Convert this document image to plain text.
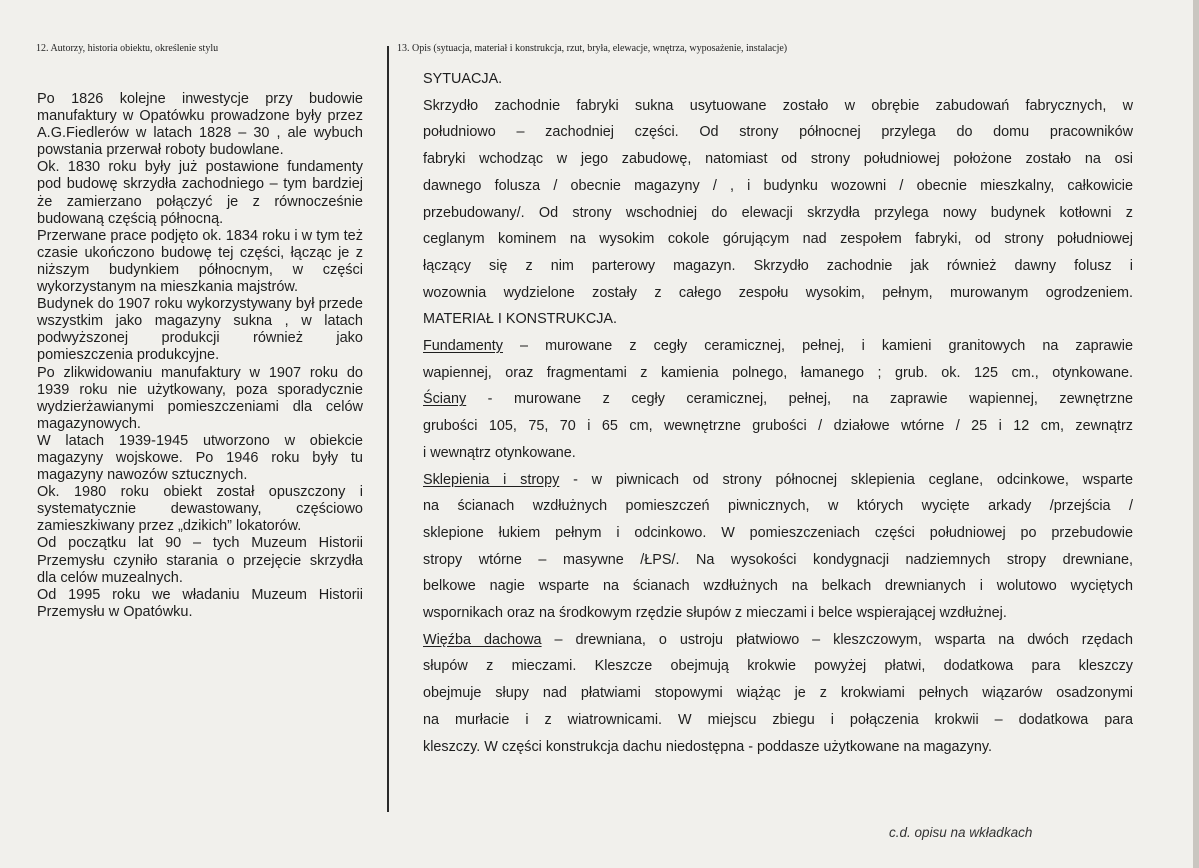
12. Autorzy, historia obiektu, określenie stylu	13. Opis (sytuacja, materiał i konstrukcja, rzut, bryła, elewacje, wnętrza, wyposażenie, instalacje)

Po 1826 kolejne inwestycje przy budowie manufaktury w Opatówku prowadzone były przez A.G.Fiedlerów w latach 1828 – 30 , ale wybuch powstania przerwał roboty budowlane.

Ok. 1830 roku były już postawione fundamenty pod budowę skrzydła zachodniego – tym bardziej że zamierzano połączyć je z równocześnie budowaną częścią północną.

Przerwane prace podjęto ok. 1834 roku i w tym też czasie ukończono budowę tej części, łącząc je z niższym budynkiem północnym, w części wykorzystanym na mieszkania majstrów.

Budynek do 1907 roku wykorzystywany był przede wszystkim jako magazyny sukna , w latach podwyższonej produkcji również jako pomieszczenia produkcyjne.

Po zlikwidowaniu manufaktury w 1907 roku do 1939 roku nie użytkowany, poza sporadycznie wydzierżawianymi pomieszczeniami dla celów magazynowych.

W latach 1939-1945 utworzono w obiekcie magazyny wojskowe. Po 1946 roku były tu magazyny nawozów sztucznych.

Ok. 1980 roku obiekt został opuszczony i systematycznie dewastowany, częściowo zamieszkiwany przez „dzikich” lokatorów.

Od początku lat 90 – tych Muzeum Historii Przemysłu czyniło starania o przejęcie skrzydła dla celów muzealnych.

Od 1995 roku we władaniu Muzeum Historii Przemysłu w Opatówku.

SYTUACJA.
Skrzydło zachodnie fabryki sukna usytuowane zostało w obrębie zabudowań fabrycznych, w
południowo – zachodniej części. Od strony północnej przylega do domu pracowników
fabryki wchodząc w jego zabudowę, natomiast od strony południowej położone zostało na osi
dawnego folusza / obecnie magazyny / , i budynku wozowni / obecnie mieszkalny, całkowicie
przebudowany/. Od strony wschodniej do elewacji skrzydła przylega nowy budynek kotłowni z
ceglanym kominem na wysokim cokole górującym nad zespołem fabryki, od strony południowej
łączący się z nim parterowy magazyn. Skrzydło zachodnie jak również dawny folusz i
wozownia wydzielone zostały z całego zespołu wysokim, pełnym, murowanym ogrodzeniem.
MATERIAŁ I KONSTRUKCJA.
Fundamenty – murowane z cegły ceramicznej, pełnej, i kamieni granitowych na zaprawie
wapiennej, oraz fragmentami z kamienia polnego, łamanego ; grub. ok. 125 cm., otynkowane.
Ściany - murowane z cegły ceramicznej, pełnej, na zaprawie wapiennej, zewnętrzne
grubości 105, 75, 70 i 65 cm, wewnętrzne grubości / działowe wtórne / 25 i 12 cm, zewnątrz
i wewnątrz otynkowane.
Sklepienia i stropy - w piwnicach od strony północnej sklepienia ceglane, odcinkowe, wsparte
na ścianach wzdłużnych pomieszczeń piwnicznych, w których wycięte arkady /przejścia /
sklepione łukiem pełnym i odcinkowo. W pomieszczeniach części południowej po przebudowie
stropy wtórne – masywne /ŁPS/. Na wysokości kondygnacji nadziemnych stropy drewniane,
belkowe nagie wsparte na ścianach wzdłużnych na belkach drewnianych i wolutowo wyciętych
wspornikach oraz na środkowym rzędzie słupów z mieczami i belce wspierającej wzdłużnej.
Więźba dachowa – drewniana, o ustroju płatwiowo – kleszczowym, wsparta na dwóch rzędach
słupów z mieczami. Kleszcze obejmują krokwie powyżej płatwi, dodatkowa para kleszczy
obejmuje słupy nad płatwiami stopowymi wiążąc je z krokwiami pełnych wiązarów osadzonymi
na murłacie i z wiatrownicami. W miejscu zbiegu i połączenia krokwii – dodatkowa para
kleszczy. W części konstrukcja dachu niedostępna - poddasze użytkowane na magazyny.
c.d. opisu na wkładkach
